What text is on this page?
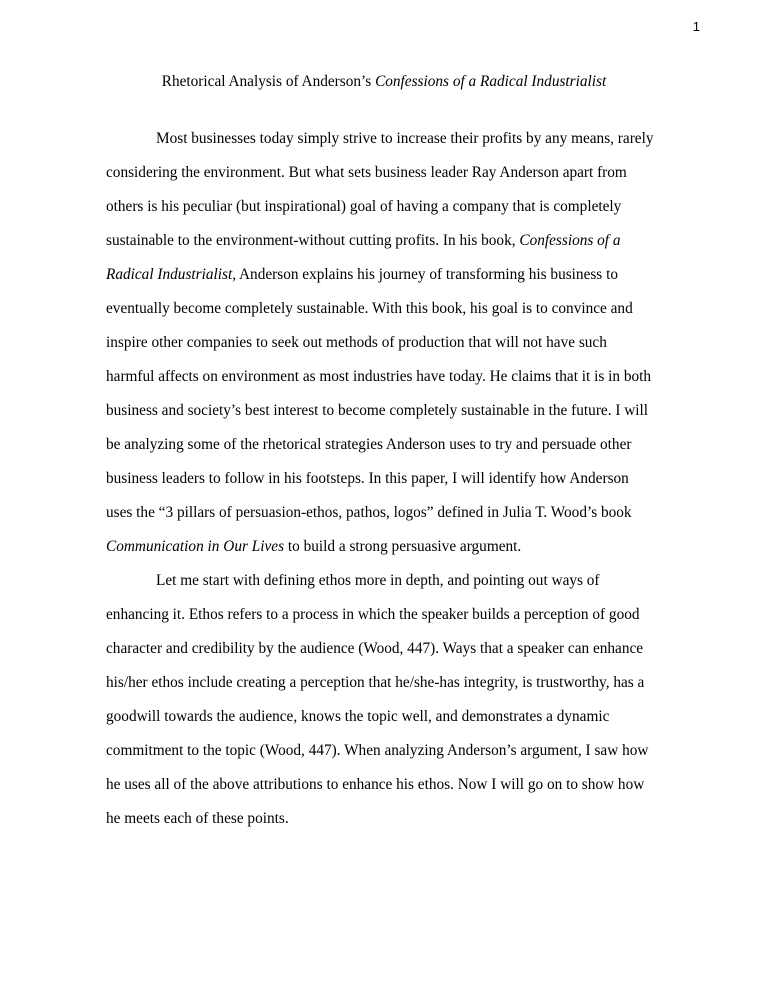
1
Rhetorical Analysis of Anderson’s Confessions of a Radical Industrialist
Most businesses today simply strive to increase their profits by any means, rarely
considering the environment. But what sets business leader Ray Anderson apart from
others is his peculiar (but inspirational) goal of having a company that is completely
sustainable to the environment-without cutting profits. In his book, Confessions of a
Radical Industrialist, Anderson explains his journey of transforming his business to
eventually become completely sustainable. With this book, his goal is to convince and
inspire other companies to seek out methods of production that will not have such
harmful affects on environment as most industries have today. He claims that it is in both
business and society’s best interest to become completely sustainable in the future. I will
be analyzing some of the rhetorical strategies Anderson uses to try and persuade other
business leaders to follow in his footsteps. In this paper, I will identify how Anderson
uses the “3 pillars of persuasion-ethos, pathos, logos” defined in Julia T. Wood’s book
Communication in Our Lives to build a strong persuasive argument.
Let me start with defining ethos more in depth, and pointing out ways of
enhancing it. Ethos refers to a process in which the speaker builds a perception of good
character and credibility by the audience (Wood, 447). Ways that a speaker can enhance
his/her ethos include creating a perception that he/she-has integrity, is trustworthy, has a
goodwill towards the audience, knows the topic well, and demonstrates a dynamic
commitment to the topic (Wood, 447). When analyzing Anderson’s argument, I saw how
he uses all of the above attributions to enhance his ethos. Now I will go on to show how
he meets each of these points.
